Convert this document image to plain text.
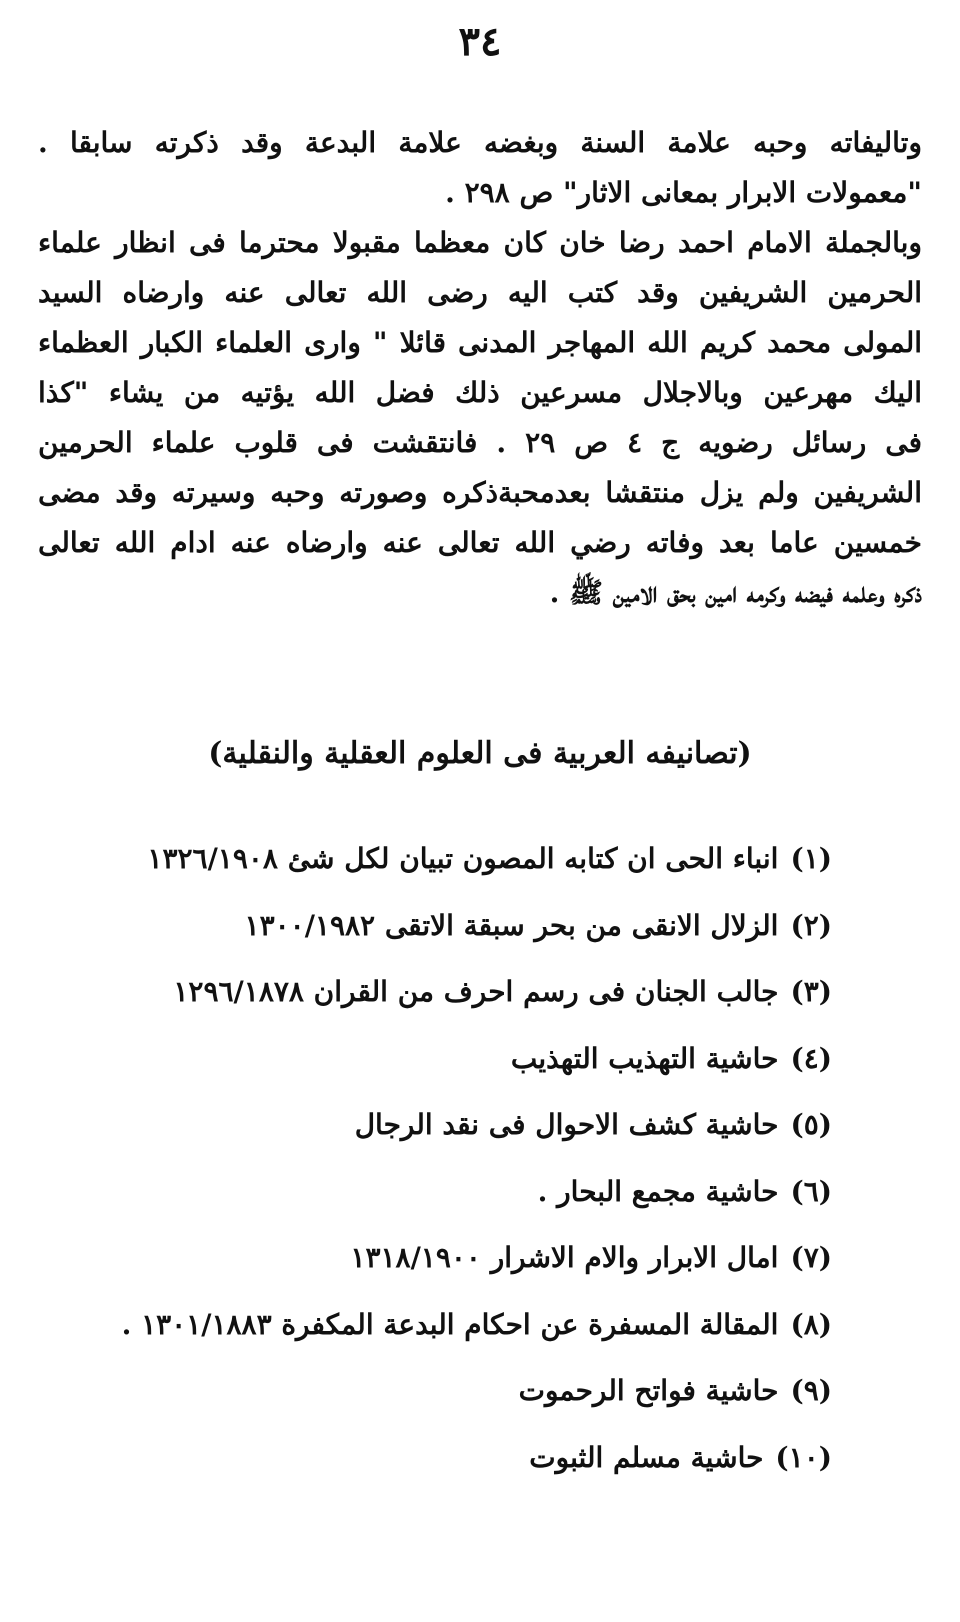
٣٤
وتاليفاته وحبه علامة السنة وبغضه علامة البدعة وقد ذكرته سابقا .
"معمولات الابرار بمعانى الاثار" ص ٢٩٨ .
وبالجملة الامام احمد رضا خان كان معظما مقبولا محترما فى انظار علماء
الحرمين الشريفين وقد كتب اليه رضى الله تعالى عنه وارضاه السيد
المولى محمد كريم الله المهاجر المدنى قائلا " وارى العلماء الكبار العظماء
اليك مهرعين وبالاجلال مسرعين ذلك فضل الله يؤتيه من يشاء "كذا
فى رسائل رضويه ج ٤ ص ٢٩ . فانتقشت فى قلوب علماء الحرمين
الشريفين ولم يزل منتقشا بعدمحبةذكره وصورته وحبه وسيرته وقد مضى
خمسين عاما بعد وفاته رضي الله تعالى عنه وارضاه عنه ادام الله تعالى
ذكره وعلمه فيضه وكرمه امين بحق الامين ﷺ .
(تصانيفه العربية فى العلوم العقلية والنقلية)
(١)انباء الحى ان كتابه المصون تبيان لكل شئ ١٣٢٦/١٩٠٨
(٢)الزلال الانقى من بحر سبقة الاتقى ١٣٠٠/١٩٨٢
(٣)جالب الجنان فى رسم احرف من القران ١٢٩٦/١٨٧٨
(٤)حاشية التهذيب التهذيب
(٥)حاشية كشف الاحوال فى نقد الرجال
(٦)حاشية مجمع البحار .
(٧)امال الابرار والام الاشرار ١٣١٨/١٩٠٠
(٨)المقالة المسفرة عن احكام البدعة المكفرة ١٣٠١/١٨٨٣ .
(٩)حاشية فواتح الرحموت
(١٠)حاشية مسلم الثبوت
